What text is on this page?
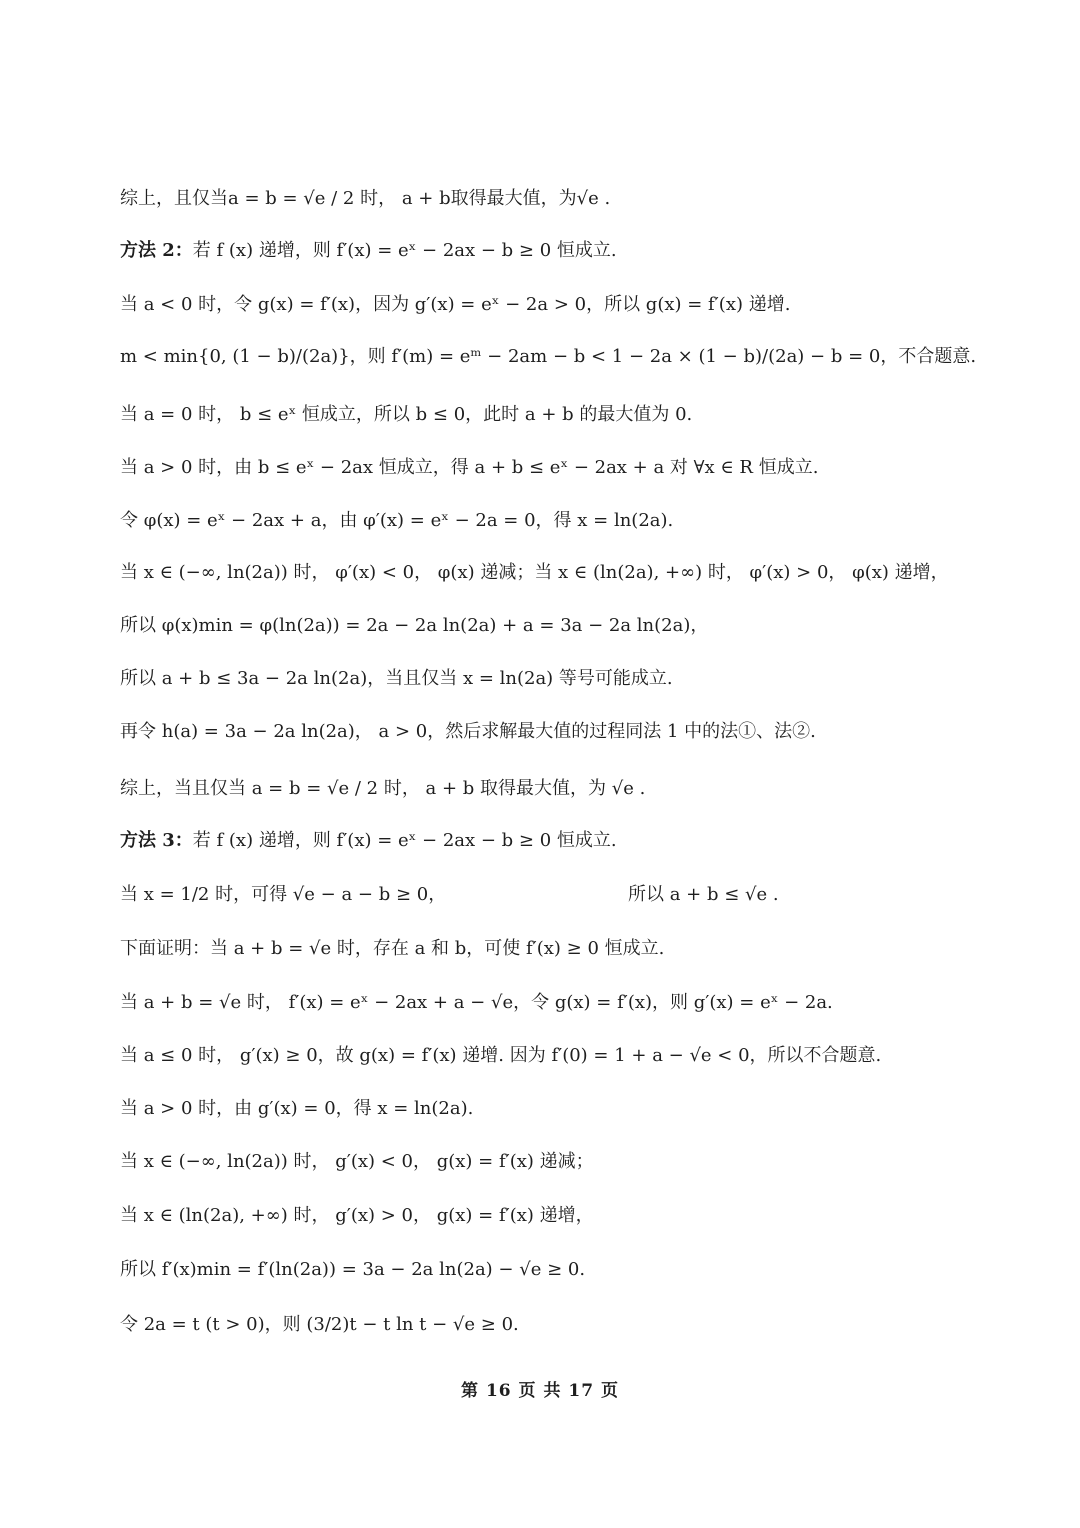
综上，且仅当a = b = √e / 2 时， a + b取得最大值，为√e .
方法 2： 若 f (x) 递增，则 f′(x) = eˣ − 2ax − b ≥ 0 恒成立.
当 a < 0 时，令 g(x) = f′(x)，因为 g′(x) = eˣ − 2a > 0，所以 g(x) = f′(x) 递增.
m < min{0, (1 − b)/(2a)}，则 f′(m) = eᵐ − 2am − b < 1 − 2a × (1 − b)/(2a) − b = 0，不合题意.
当 a = 0 时， b ≤ eˣ 恒成立，所以 b ≤ 0，此时 a + b 的最大值为 0.
当 a > 0 时，由 b ≤ eˣ − 2ax 恒成立，得 a + b ≤ eˣ − 2ax + a 对 ∀x ∈ R 恒成立.
令 φ(x) = eˣ − 2ax + a，由 φ′(x) = eˣ − 2a = 0，得 x = ln(2a).
当 x ∈ (−∞, ln(2a)) 时， φ′(x) < 0， φ(x) 递减；当 x ∈ (ln(2a), +∞) 时， φ′(x) > 0， φ(x) 递增，
所以 φ(x)min = φ(ln(2a)) = 2a − 2a ln(2a) + a = 3a − 2a ln(2a)，
所以 a + b ≤ 3a − 2a ln(2a)，当且仅当 x = ln(2a) 等号可能成立.
再令 h(a) = 3a − 2a ln(2a)， a > 0，然后求解最大值的过程同法 1 中的法①、法②.
综上，当且仅当 a = b = √e / 2 时， a + b 取得最大值，为 √e .
方法 3： 若 f (x) 递增，则 f′(x) = eˣ − 2ax − b ≥ 0 恒成立.
当 x = 1/2 时，可得 √e − a − b ≥ 0，	所以 a + b ≤ √e .
下面证明：当 a + b = √e 时，存在 a 和 b，可使 f′(x) ≥ 0 恒成立.
当 a + b = √e 时， f′(x) = eˣ − 2ax + a − √e，令 g(x) = f′(x)，则 g′(x) = eˣ − 2a.
当 a ≤ 0 时， g′(x) ≥ 0，故 g(x) = f′(x) 递增. 因为 f′(0) = 1 + a − √e < 0，所以不合题意.
当 a > 0 时，由 g′(x) = 0，得 x = ln(2a).
当 x ∈ (−∞, ln(2a)) 时， g′(x) < 0， g(x) = f′(x) 递减；
当 x ∈ (ln(2a), +∞) 时， g′(x) > 0， g(x) = f′(x) 递增，
所以 f′(x)min = f′(ln(2a)) = 3a − 2a ln(2a) − √e ≥ 0.
令 2a = t (t > 0)，则 (3/2)t − t ln t − √e ≥ 0.
第 16 页 共 17 页
